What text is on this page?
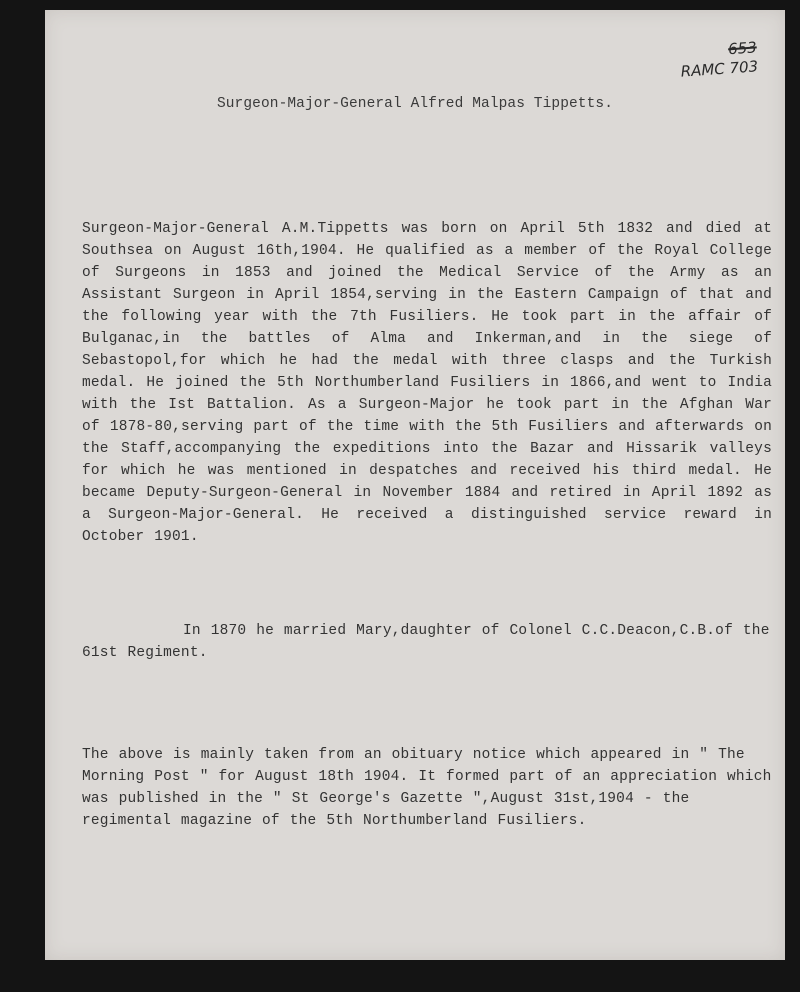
653
RAMC 703
Surgeon-Major-General Alfred Malpas Tippetts.

Surgeon-Major-General A.M.Tippetts was born on April 5th 1832 and died at Southsea on August 16th,1904. He qualified as a member of the Royal College of Surgeons in 1853 and joined the Medical Service of the Army as an Assistant Surgeon in April 1854,serving in the Eastern Campaign of that and the following year with the 7th Fusiliers. He took part in the affair of Bulganac,in the battles of Alma and Inkerman,and in the siege of Sebastopol,for which he had the medal with three clasps and the Turkish medal. He joined the 5th Northumberland Fusiliers in 1866,and went to India with the Ist Battalion. As a Surgeon-Major he took part in the Afghan War of 1878-80,serving part of the time with the 5th Fusiliers and afterwards on the Staff,accompanying the expeditions into the Bazar and Hissarik valleys for which he was mentioned in despatches and received his third medal. He became Deputy-Surgeon-General in November 1884 and retired in April 1892 as a Surgeon-Major-General. He received a distinguished service reward in October 1901.

In 1870 he married Mary,daughter of Colonel C.C.Deacon,C.B.of the 61st Regiment.

The above is mainly taken from an obituary notice which appeared in " The Morning Post " for August 18th 1904. It formed part of an appreciation which was published in the " St George's Gazette ",August 31st,1904 - the regimental magazine of the 5th Northumberland Fusiliers.
